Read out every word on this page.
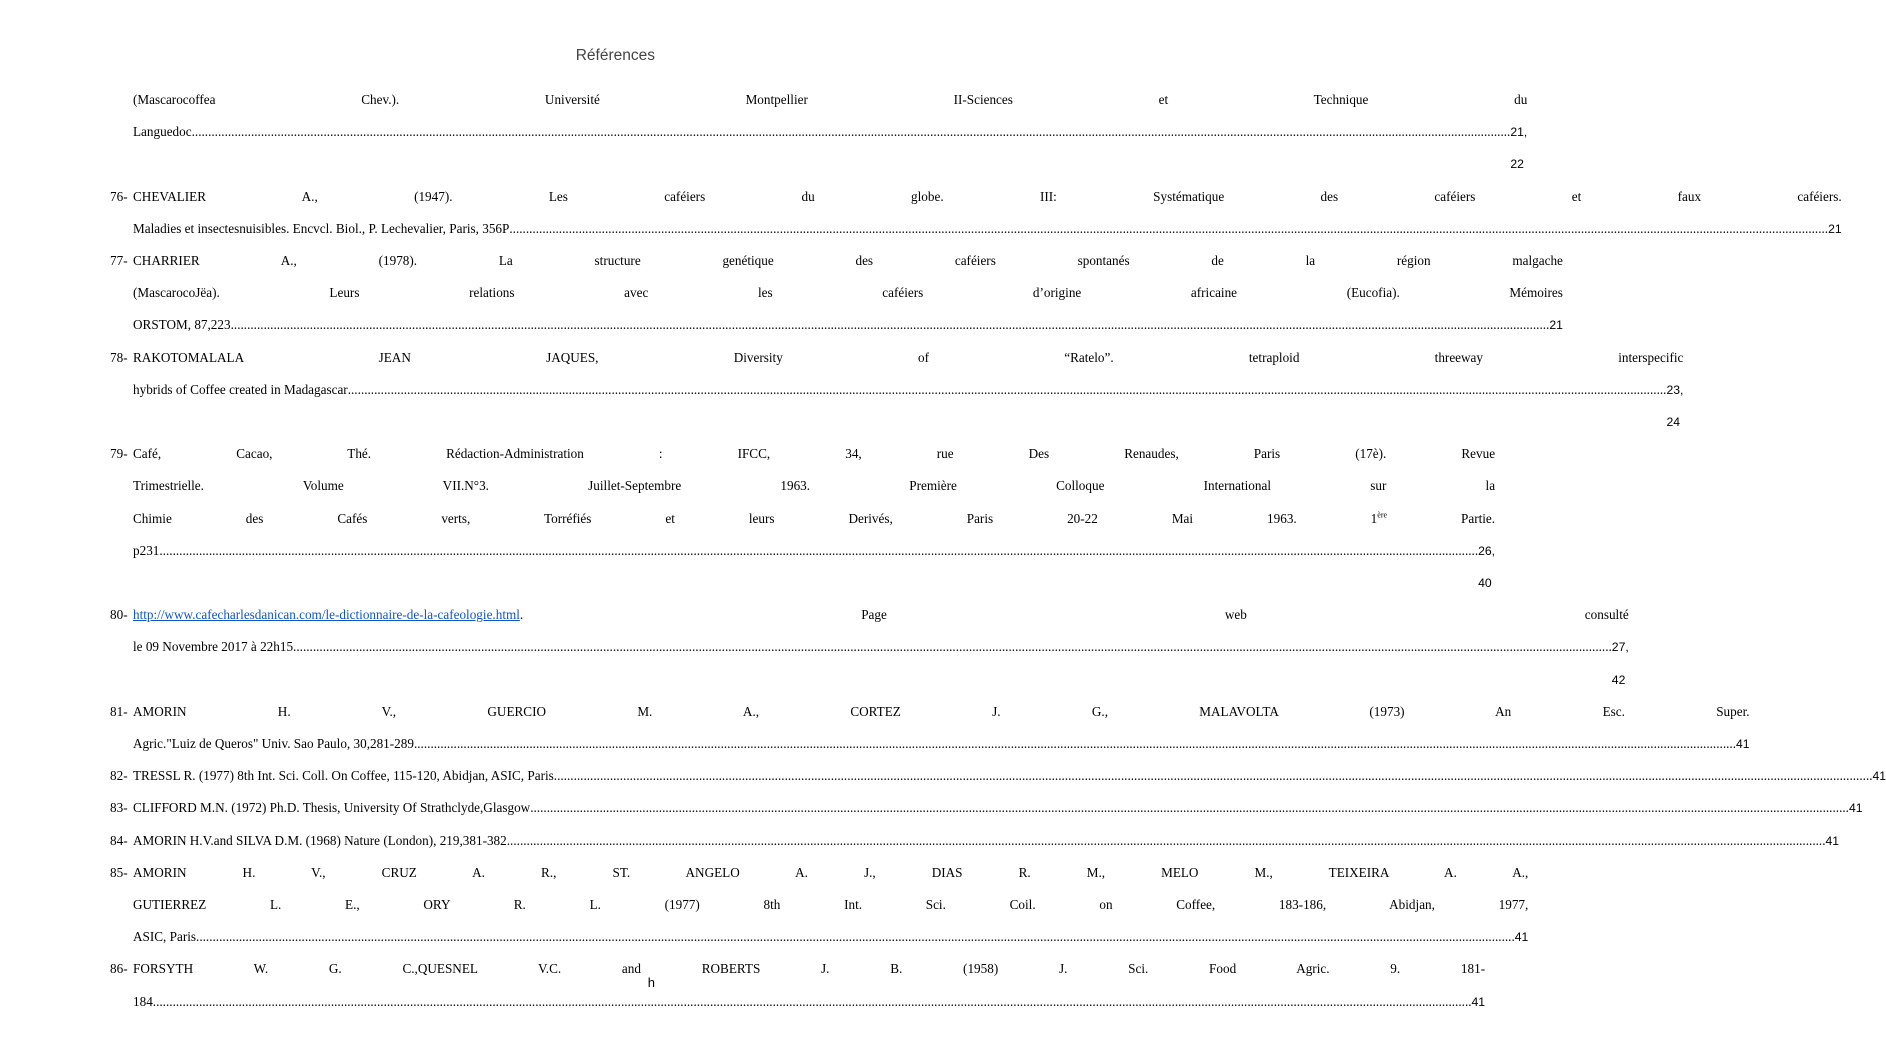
Références
(Mascarocoffea Chev.). Université Montpellier II-Sciences et Technique du
Languedoc ................................................................................................................................................................................................................................................................................................................................................................................................................ 21, 22
76- CHEVALIER A., (1947). Les caféiers du globe. III: Systématique des caféiers et faux caféiers.
Maladies et insectesnuisibles. Encvcl. Biol., P. Lechevalier, Paris, 356P ................................................................................................................................................................................................................................................................................................................................................................................................................ 21
77- CHARRIER A., (1978). La structure genétique des caféiers spontanés de la région malgache
(MascarocoJëa). Leurs relations avec les caféiers d’origine africaine (Eucofia). Mémoires
ORSTOM, 87,223 ................................................................................................................................................................................................................................................................................................................................................................................................................ 21
78- RAKOTOMALALA JEAN JAQUES, Diversity of “Ratelo”. tetraploid threeway interspecific
hybrids of Coffee created in Madagascar ................................................................................................................................................................................................................................................................................................................................................................................................................ 23, 24
79- Café, Cacao, Thé. Rédaction-Administration : IFCC, 34, rue Des Renaudes, Paris (17è). Revue
Trimestrielle. Volume VII.N°3. Juillet-Septembre 1963. Première Colloque International sur la
Chimie des Cafés verts, Torréfiés et leurs Derivés, Paris 20-22 Mai 1963. 1ère Partie.
p231 ................................................................................................................................................................................................................................................................................................................................................................................................................ 26, 40
80- http://www.cafecharlesdanican.com/le-dictionnaire-de-la-cafeologie.html. Page web consulté
le 09 Novembre 2017 à 22h15 ................................................................................................................................................................................................................................................................................................................................................................................................................ 27, 42
81- AMORIN H. V., GUERCIO M. A., CORTEZ J. G., MALAVOLTA (1973) An Esc. Super.
Agric."Luiz de Queros" Univ. Sao Paulo, 30,281-289. ................................................................................................................................................................................................................................................................................................................................................................................................................ 41
82- TRESSL R. (1977) 8th Int. Sci. Coll. On Coffee, 115-120, Abidjan, ASIC, Paris ................................................................................................................................................................................................................................................................................................................................................................................................................ 41
83- CLIFFORD M.N. (1972) Ph.D. Thesis, University Of Strathclyde,Glasgow ................................................................................................................................................................................................................................................................................................................................................................................................................ 41
84- AMORIN H.V.and SILVA D.M. (1968) Nature (London), 219,381-382 ................................................................................................................................................................................................................................................................................................................................................................................................................ 41
85- AMORIN H. V., CRUZ A. R., ST. ANGELO A. J., DIAS R. M., MELO M., TEIXEIRA A. A.,
GUTIERREZ L. E., ORY R. L. (1977) 8th Int. Sci. Coil. on Coffee, 183-186, Abidjan, 1977,
ASIC, Paris ................................................................................................................................................................................................................................................................................................................................................................................................................ 41
86- FORSYTH W. G. C.,QUESNEL V.C. and ROBERTS J. B. (1958) J. Sci. Food Agric. 9. 181-
184 ................................................................................................................................................................................................................................................................................................................................................................................................................ 41
h
